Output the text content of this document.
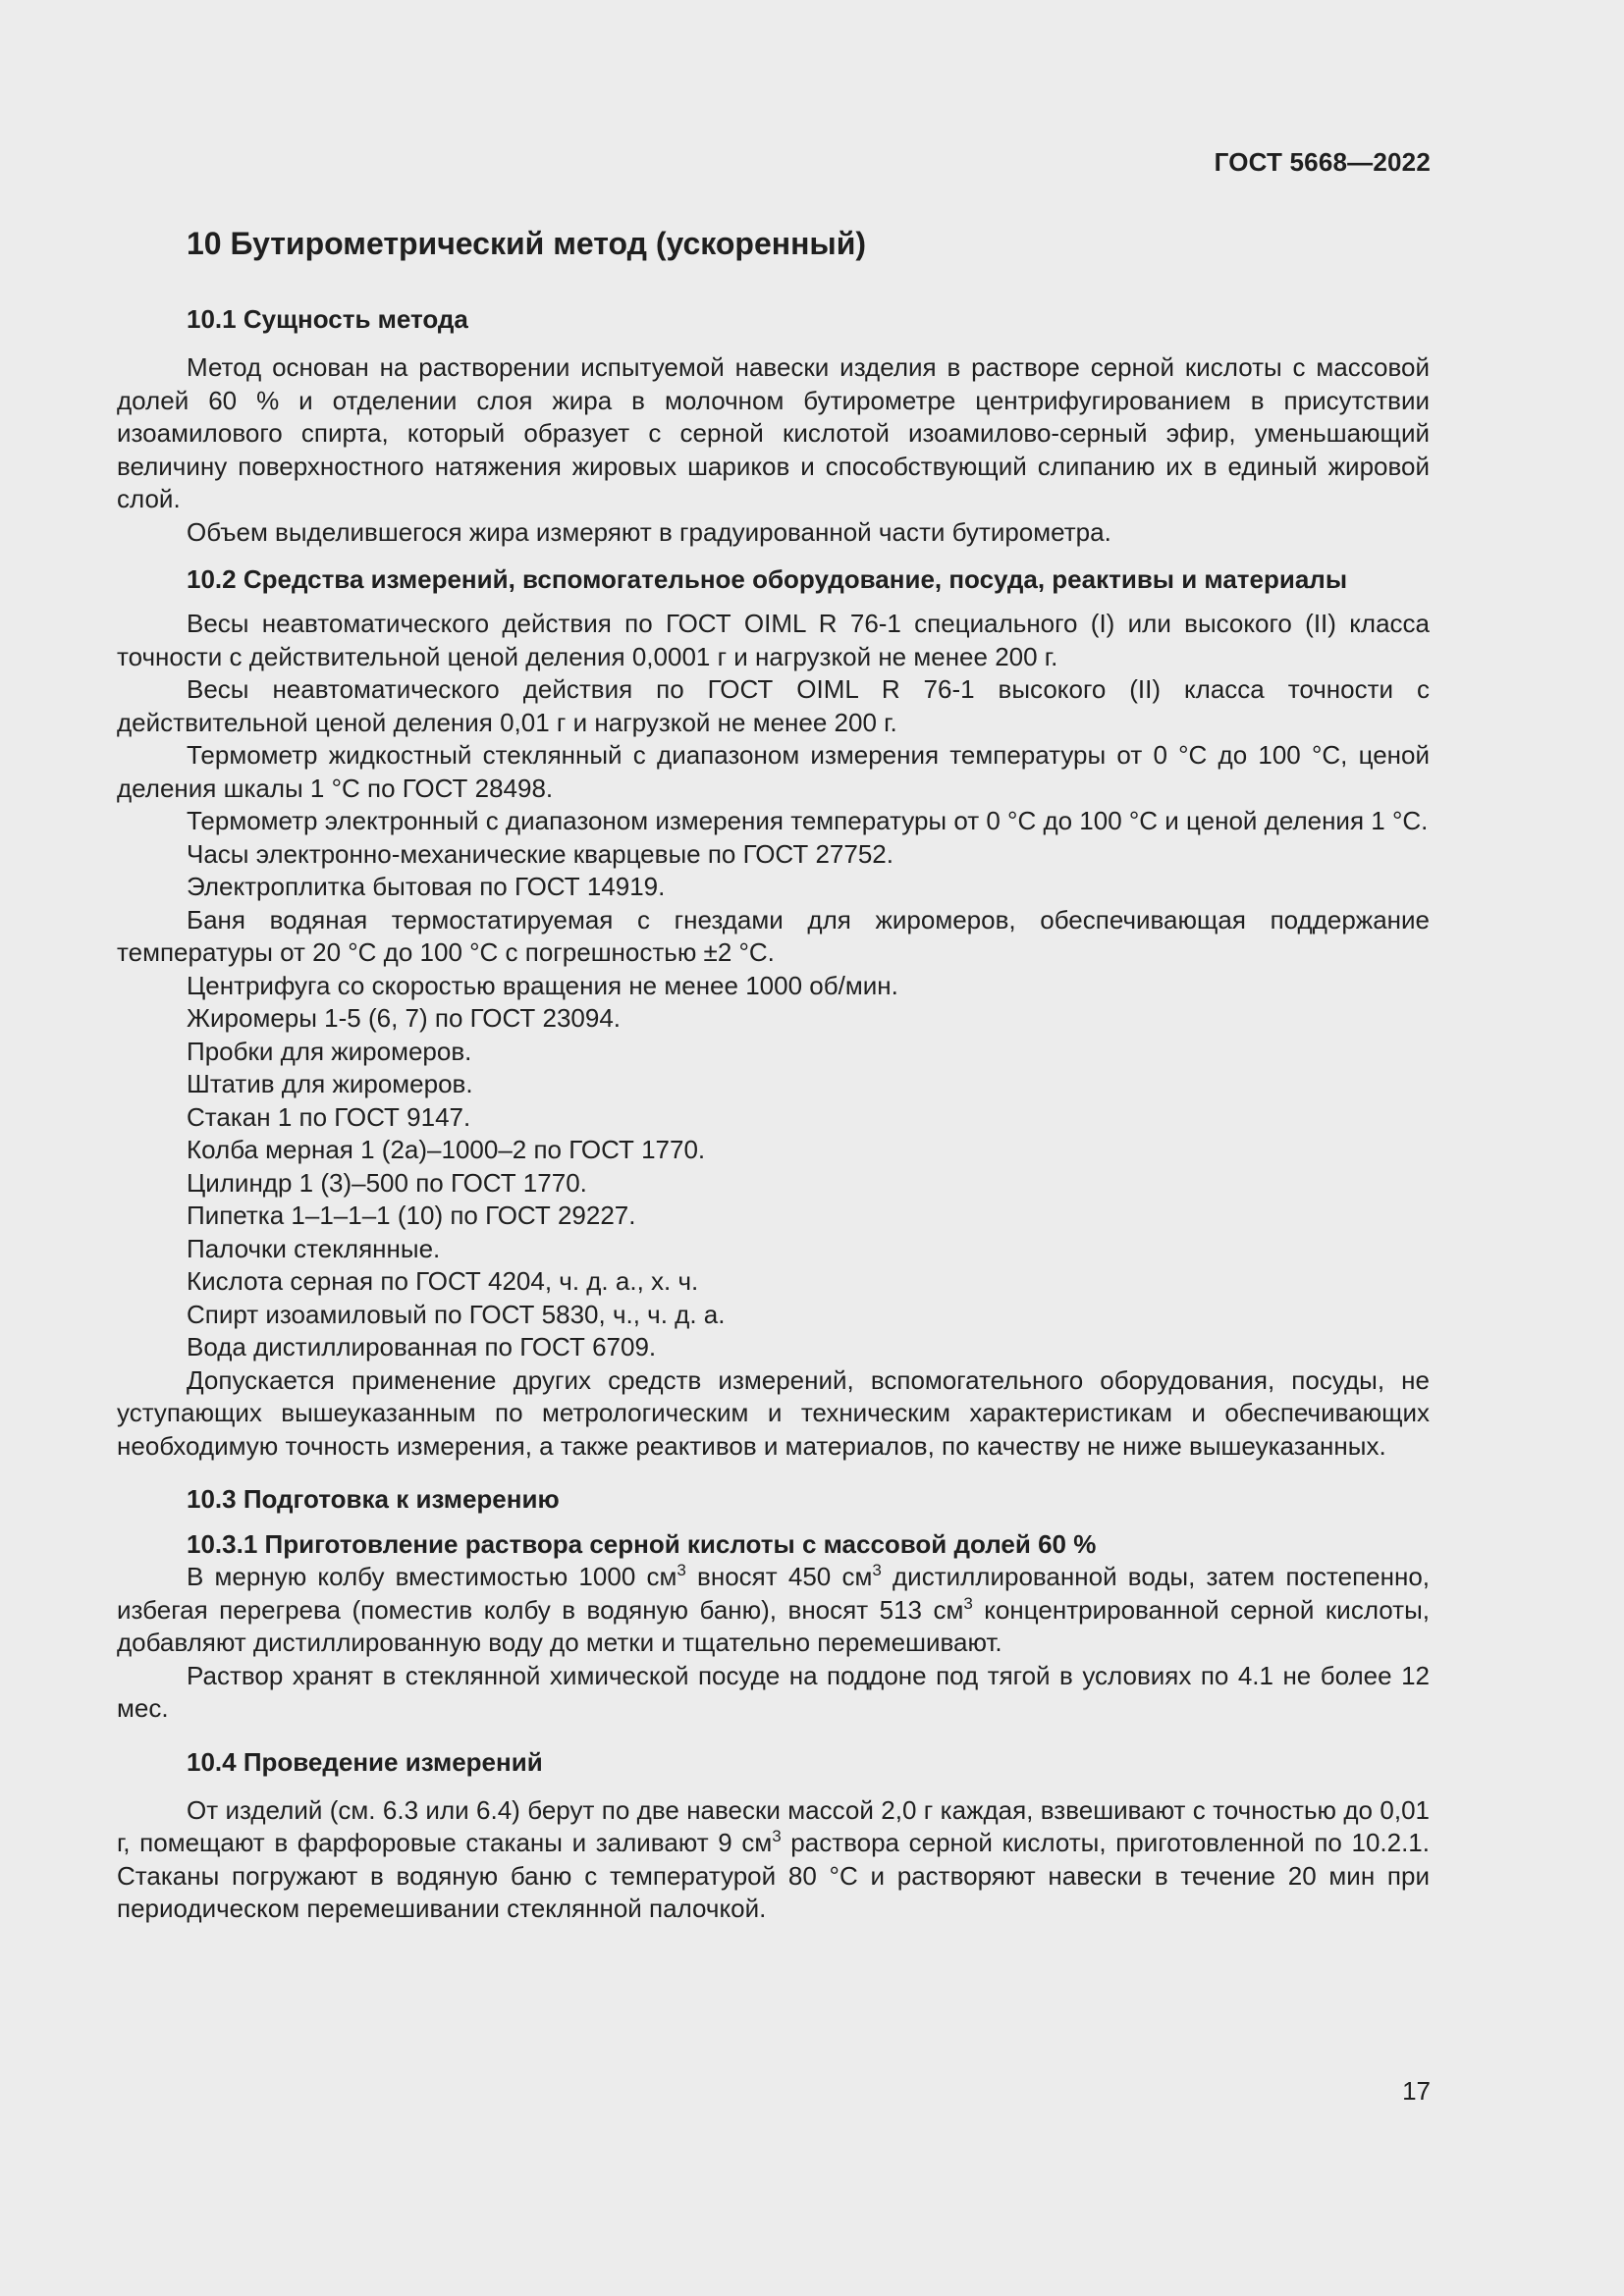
ГОСТ 5668—2022
10 Бутирометрический метод (ускоренный)
10.1 Сущность метода

Метод основан на растворении испытуемой навески изделия в растворе серной кислоты с массовой долей 60 % и отделении слоя жира в молочном бутирометре центрифугированием в присутствии изоамилового спирта, который образует с серной кислотой изоамилово-серный эфир, уменьшающий величину поверхностного натяжения жировых шариков и способствующий слипанию их в единый жировой слой.

Объем выделившегося жира измеряют в градуированной части бутирометра.

10.2 Средства измерений, вспомогательное оборудование, посуда, реактивы и материалы

Весы неавтоматического действия по ГОСТ OIML R 76-1 специального (I) или высокого (II) класса точности с действительной ценой деления 0,0001 г и нагрузкой не менее 200 г.

Весы неавтоматического действия по ГОСТ OIML R 76-1 высокого (II) класса точности с действительной ценой деления 0,01 г и нагрузкой не менее 200 г.

Термометр жидкостный стеклянный с диапазоном измерения температуры от 0 °С до 100 °С, ценой деления шкалы 1 °С по ГОСТ 28498.

Термометр электронный с диапазоном измерения температуры от 0 °С до 100 °С и ценой деления 1 °С.

Часы электронно-механические кварцевые по ГОСТ 27752.

Электроплитка бытовая по ГОСТ 14919.

Баня водяная термостатируемая с гнездами для жиромеров, обеспечивающая поддержание температуры от 20 °С до 100 °С с погрешностью ±2 °С.

Центрифуга со скоростью вращения не менее 1000 об/мин.

Жиромеры 1-5 (6, 7) по ГОСТ 23094.

Пробки для жиромеров.

Штатив для жиромеров.

Стакан 1 по ГОСТ 9147.

Колба мерная 1 (2а)–1000–2 по ГОСТ 1770.

Цилиндр 1 (3)–500 по ГОСТ 1770.

Пипетка 1–1–1–1 (10) по ГОСТ 29227.

Палочки стеклянные.

Кислота серная по ГОСТ 4204, ч. д. а., х. ч.

Спирт изоамиловый по ГОСТ 5830, ч., ч. д. а.

Вода дистиллированная по ГОСТ 6709.

Допускается применение других средств измерений, вспомогательного оборудования, посуды, не уступающих вышеуказанным по метрологическим и техническим характеристикам и обеспечивающих необходимую точность измерения, а также реактивов и материалов, по качеству не ниже вышеуказанных.

10.3 Подготовка к измерению
10.3.1 Приготовление раствора серной кислоты с массовой долей 60 %

В мерную колбу вместимостью 1000 $см^3$ вносят 450 $см^3$ дистиллированной воды, затем постепенно, избегая перегрева (поместив колбу в водяную баню), вносят 513 $см^3$ концентрированной серной кислоты, добавляют дистиллированную воду до метки и тщательно перемешивают.

Раствор хранят в стеклянной химической посуде на поддоне под тягой в условиях по 4.1 не более 12 мес.

10.4 Проведение измерений

От изделий (см. 6.3 или 6.4) берут по две навески массой 2,0 г каждая, взвешивают с точностью до 0,01 г, помещают в фарфоровые стаканы и заливают 9 $см^3$ раствора серной кислоты, приготовленной по 10.2.1. Стаканы погружают в водяную баню с температурой 80 °С и растворяют навески в течение 20 мин при периодическом перемешивании стеклянной палочкой.

17
